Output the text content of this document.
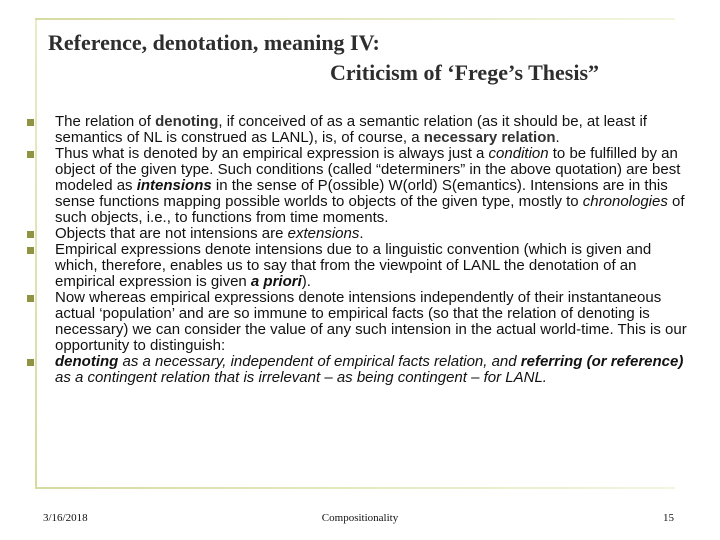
Reference, denotation, meaning IV:
Criticism of ‘Frege’s Thesis”
The relation of denoting, if conceived of as a semantic relation (as it should be, at least if semantics of NL is construed as LANL), is, of course, a necessary relation.
Thus what is denoted by an empirical expression is always just a condition to be fulfilled by an object of the given type. Such conditions (called “determiners” in the above quotation) are best modeled as intensions in the sense of P(ossible) W(orld) S(emantics). Intensions are in this sense functions mapping possible worlds to objects of the given type, mostly to chronologies of such objects, i.e., to functions from time moments.
Objects that are not intensions are extensions.
Empirical expressions denote intensions due to a linguistic convention (which is given and which, therefore, enables us to say that from the viewpoint of LANL the denotation of an empirical expression is given a priori).
Now whereas empirical expressions denote intensions independently of their instantaneous actual ‘population’ and are so immune to empirical facts (so that the relation of denoting is necessary) we can consider the value of any such intension in the actual world-time. This is our opportunity to distinguish:
denoting as a necessary, independent of empirical facts relation, and referring (or reference) as a contingent relation that is irrelevant – as being contingent – for LANL.
3/16/2018	Compositionality	15
